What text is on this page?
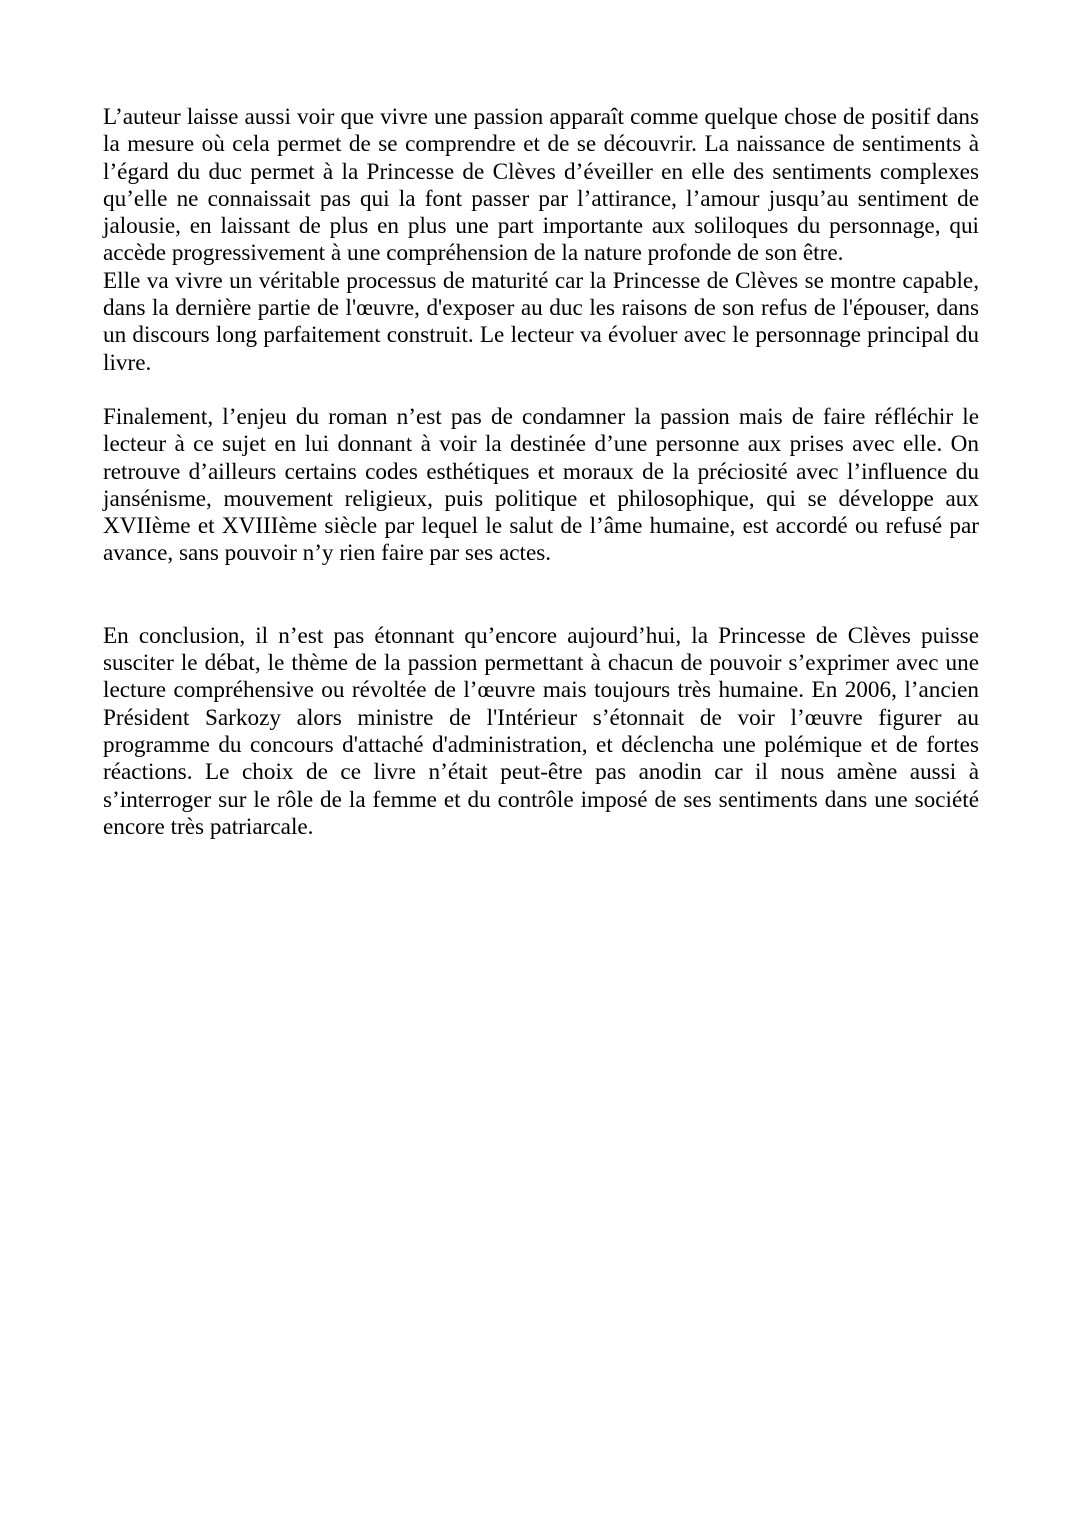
L’auteur laisse aussi voir que vivre une passion apparaît comme quelque chose de positif dans la mesure où cela permet de se comprendre et de se découvrir. La naissance de sentiments à l’égard du duc permet à la Princesse de Clèves d’éveiller en elle des sentiments complexes qu’elle ne connaissait pas qui la font passer par l’attirance, l’amour jusqu’au sentiment de jalousie, en laissant de plus en plus une part importante aux soliloques du personnage, qui accède progressivement à une compréhension de la nature profonde de son être.

Elle va vivre un véritable processus de maturité car la Princesse de Clèves se montre capable, dans la dernière partie de l'œuvre, d'exposer au duc les raisons de son refus de l'épouser, dans un discours long parfaitement construit. Le lecteur va évoluer avec le personnage principal du livre.

Finalement, l’enjeu du roman n’est pas de condamner la passion mais de faire réfléchir le lecteur à ce sujet en lui donnant à voir la destinée d’une personne aux prises avec elle. On retrouve d’ailleurs certains codes esthétiques et moraux de la préciosité avec l’influence du jansénisme, mouvement religieux, puis politique et philosophique, qui se développe aux XVIIème et XVIIIème siècle par lequel le salut de l’âme humaine, est accordé ou refusé par avance, sans pouvoir n’y rien faire par ses actes.

En conclusion, il n’est pas étonnant qu’encore aujourd’hui, la Princesse de Clèves puisse susciter le débat, le thème de la passion permettant à chacun de pouvoir s’exprimer avec une lecture compréhensive ou révoltée de l’œuvre mais toujours très humaine. En 2006, l’ancien Président Sarkozy alors ministre de l'Intérieur s’étonnait de voir l’œuvre figurer au programme du concours d'attaché d'administration, et déclencha une polémique et de fortes réactions. Le choix de ce livre n’était peut-être pas anodin car il nous amène aussi à s’interroger sur le rôle de la femme et du contrôle imposé de ses sentiments dans une société encore très patriarcale.
